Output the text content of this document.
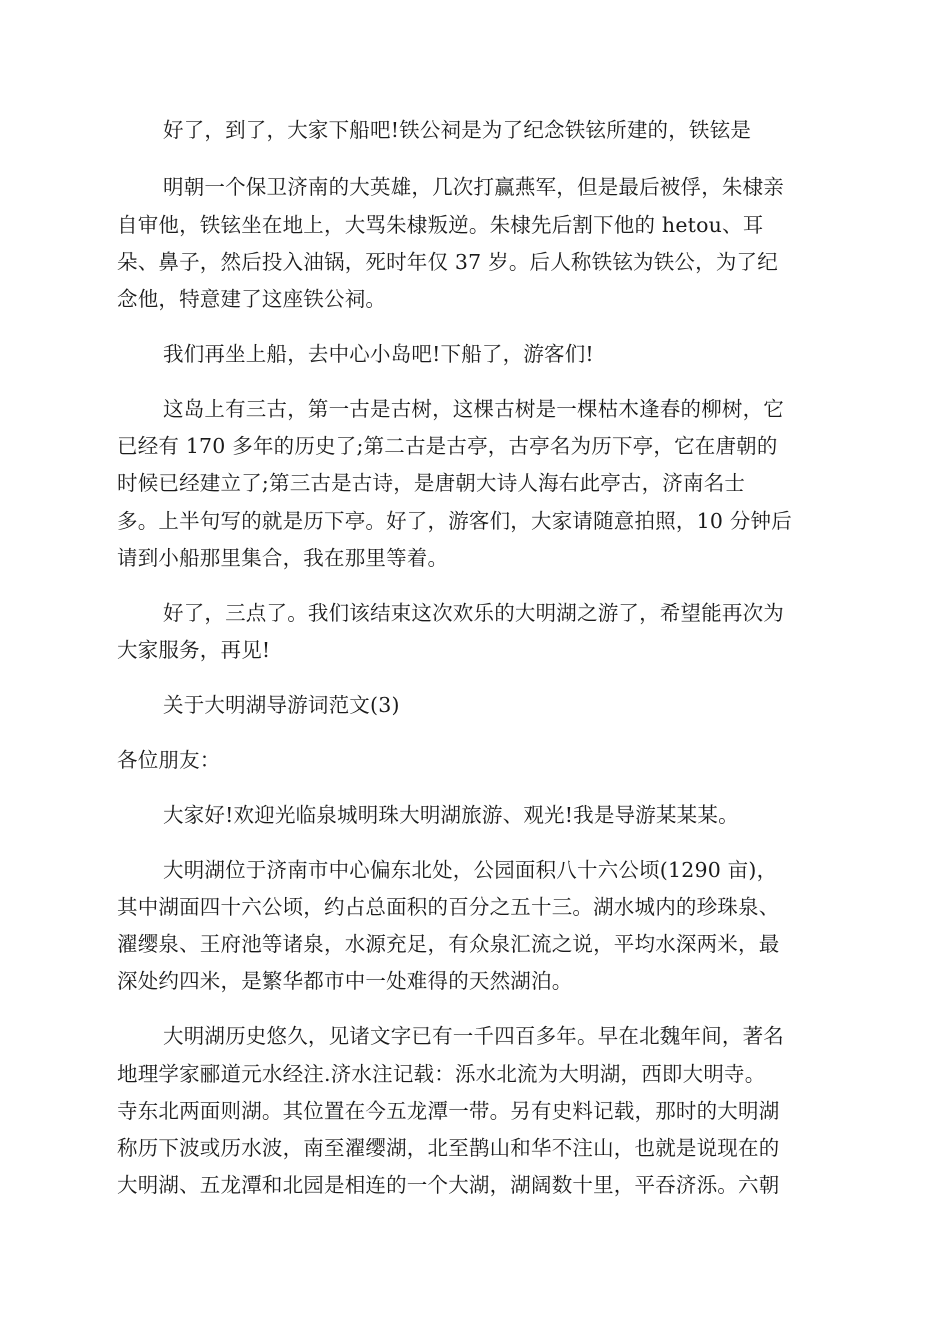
好了，到了，大家下船吧!铁公祠是为了纪念铁铉所建的，铁铉是
明朝一个保卫济南的大英雄，几次打赢燕军，但是最后被俘，朱棣亲
自审他，铁铉坐在地上，大骂朱棣叛逆。朱棣先后割下他的 hetou、耳
朵、鼻子，然后投入油锅，死时年仅 37 岁。后人称铁铉为铁公，为了纪
念他，特意建了这座铁公祠。
我们再坐上船，去中心小岛吧!下船了，游客们!
这岛上有三古，第一古是古树，这棵古树是一棵枯木逢春的柳树，它
已经有 170 多年的历史了;第二古是古亭，古亭名为历下亭，它在唐朝的
时候已经建立了;第三古是古诗，是唐朝大诗人海右此亭古，济南名士
多。上半句写的就是历下亭。好了，游客们，大家请随意拍照，10 分钟后
请到小船那里集合，我在那里等着。
好了，三点了。我们该结束这次欢乐的大明湖之游了，希望能再次为
大家服务，再见!
关于大明湖导游词范文(3)
各位朋友：
大家好!欢迎光临泉城明珠大明湖旅游、观光!我是导游某某某。
大明湖位于济南市中心偏东北处，公园面积八十六公顷(1290 亩)，
其中湖面四十六公顷，约占总面积的百分之五十三。湖水城内的珍珠泉、
濯缨泉、王府池等诸泉，水源充足，有众泉汇流之说，平均水深两米，最
深处约四米，是繁华都市中一处难得的天然湖泊。
大明湖历史悠久，见诸文字已有一千四百多年。早在北魏年间，著名
地理学家郦道元水经注.济水注记载：泺水北流为大明湖，西即大明寺。
寺东北两面则湖。其位置在今五龙潭一带。另有史料记载，那时的大明湖
称历下波或历水波，南至濯缨湖，北至鹊山和华不注山，也就是说现在的
大明湖、五龙潭和北园是相连的一个大湖，湖阔数十里，平吞济泺。六朝
